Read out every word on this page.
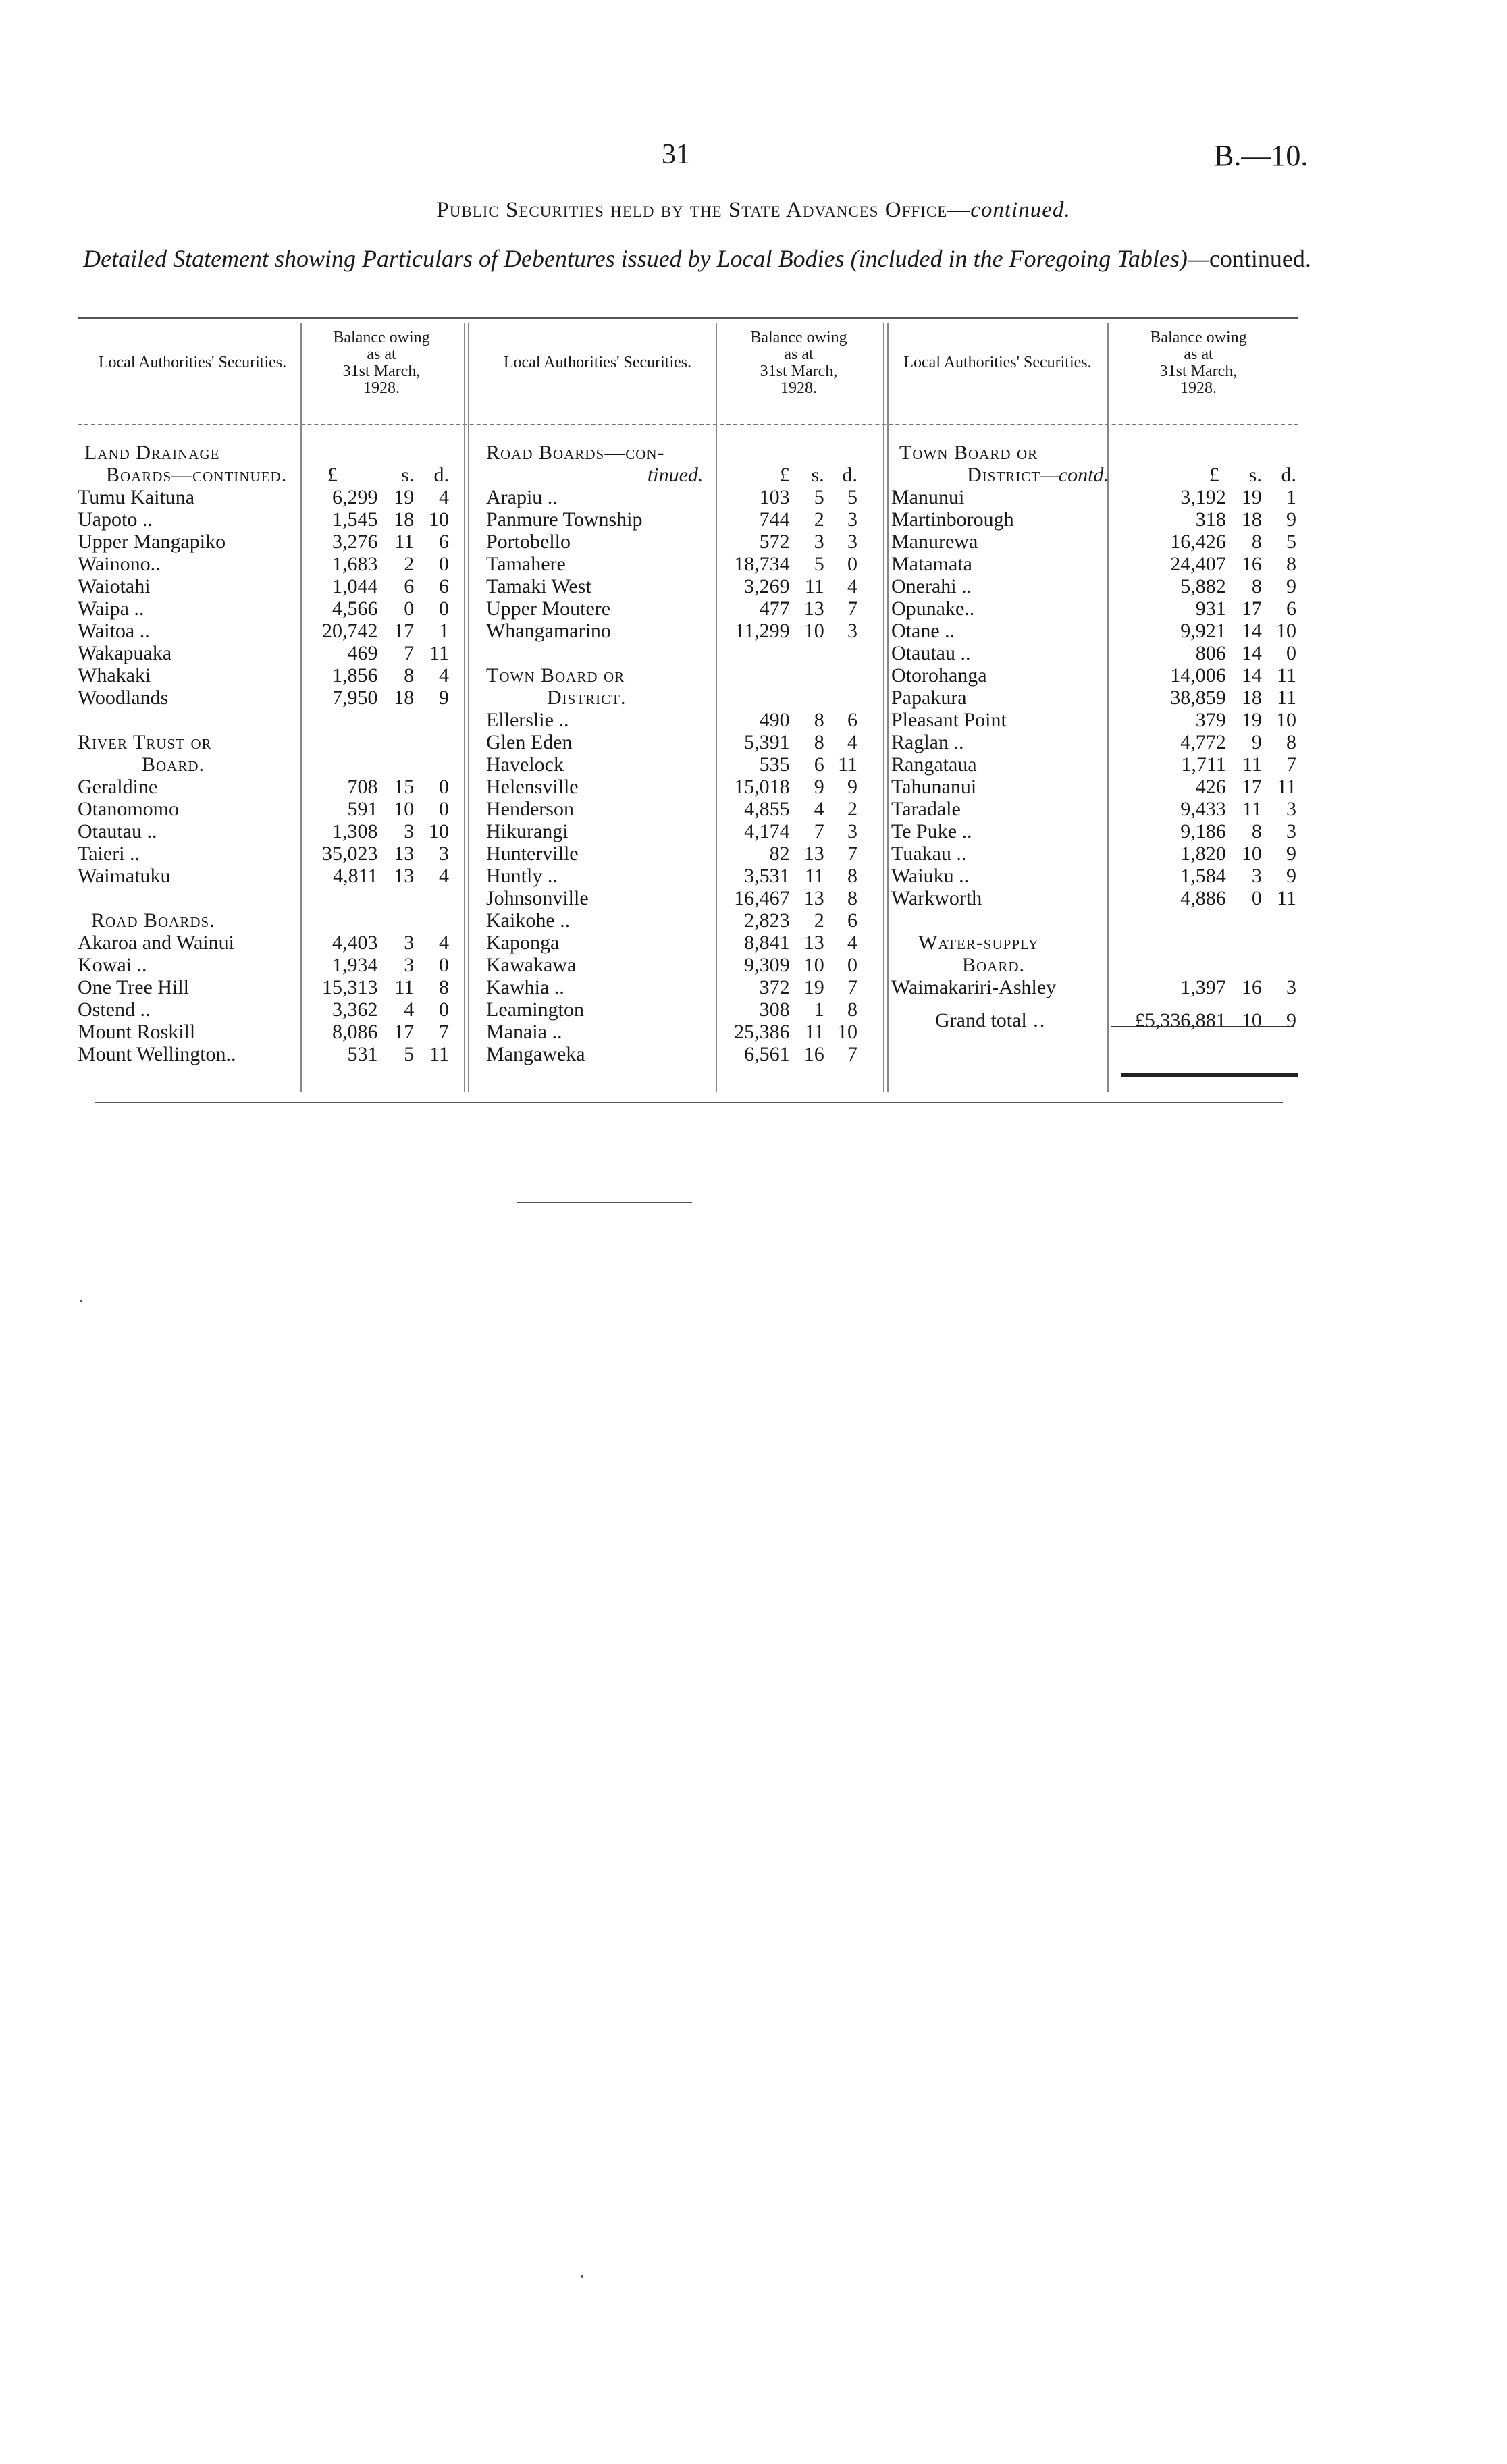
31	B.—10.
Public Securities held by the State Advances Office—continued.
Detailed Statement showing Particulars of Debentures issued by Local Bodies (included in the Foregoing Tables)—continued.
Local Authorities' Securities.
Balance owing
as at
31st March,
1928.
Local Authorities' Securities.
Balance owing
as at
31st March,
1928.
Local Authorities' Securities.
Balance owing
as at
31st March,
1928.
Land Drainage			
Boards—continued.	£	s.	d.
Tumu Kaituna	6,299	19	4
Uapoto ..	1,545	18	10
Upper Mangapiko	3,276	11	6
Wainono..	1,683	2	0
Waiotahi	1,044	6	6
Waipa ..	4,566	0	0
Waitoa ..	20,742	17	1
Wakapuaka	469	7	11
Whakaki	1,856	8	4
Woodlands	7,950	18	9

River Trust or			
Board.			
Geraldine	708	15	0
Otanomomo	591	10	0
Otautau ..	1,308	3	10
Taieri ..	35,023	13	3
Waimatuku	4,811	13	4

Road Boards.			
Akaroa and Wainui	4,403	3	4
Kowai ..	1,934	3	0
One Tree Hill	15,313	11	8
Ostend ..	3,362	4	0
Mount Roskill	8,086	17	7
Mount Wellington..	531	5	11
Road Boards—con-			
tinued.	£	s.	d.
Arapiu ..	103	5	5
Panmure Township	744	2	3
Portobello	572	3	3
Tamahere	18,734	5	0
Tamaki West	3,269	11	4
Upper Moutere	477	13	7
Whangamarino	11,299	10	3

Town Board or			
District.			
Ellerslie ..	490	8	6
Glen Eden	5,391	8	4
Havelock	535	6	11
Helensville	15,018	9	9
Henderson	4,855	4	2
Hikurangi	4,174	7	3
Hunterville	82	13	7
Huntly ..	3,531	11	8
Johnsonville	16,467	13	8
Kaikohe ..	2,823	2	6
Kaponga	8,841	13	4
Kawakawa	9,309	10	0
Kawhia ..	372	19	7
Leamington	308	1	8
Manaia ..	25,386	11	10
Mangaweka	6,561	16	7
Town Board or			
District—contd.	£	s.	d.
Manunui	3,192	19	1
Martinborough	318	18	9
Manurewa	16,426	8	5
Matamata	24,407	16	8
Onerahi ..	5,882	8	9
Opunake..	931	17	6
Otane ..	9,921	14	10
Otautau ..	806	14	0
Otorohanga	14,006	14	11
Papakura	38,859	18	11
Pleasant Point	379	19	10
Raglan ..	4,772	9	8
Rangataua	1,711	11	7
Tahunanui	426	17	11
Taradale	9,433	11	3
Te Puke ..	9,186	8	3
Tuakau ..	1,820	10	9
Waiuku ..	1,584	3	9
Warkworth	4,886	0	11

Water-supply			
Board.			
Waimakariri-Ashley	1,397	16	3

Grand total ..	£5,336,881	10	9
